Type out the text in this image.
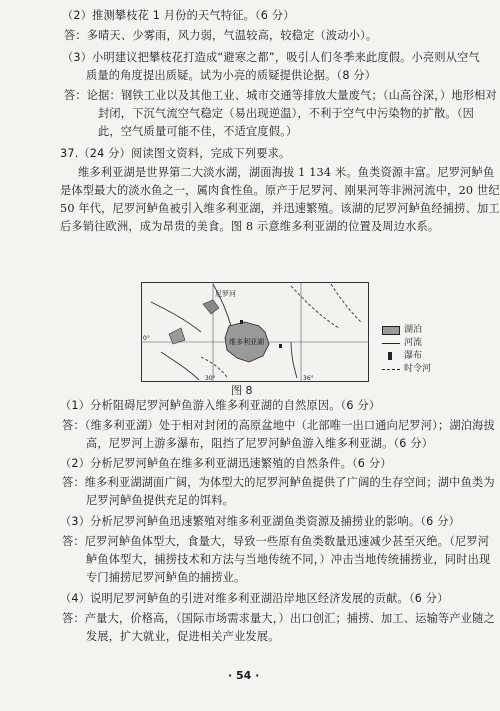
（2）推测攀枝花 1 月份的天气特征。（6 分）
答：多晴天、少雾雨，风力弱，气温较高，较稳定（波动小）。
（3）小明建议把攀枝花打造成“避寒之都”，吸引人们冬季来此度假。小亮则从空气
质量的角度提出质疑。试为小亮的质疑提供论据。（8 分）
答：论据：钢铁工业以及其他工业、城市交通等排放大量废气；（山高谷深，）地形相对
封闭，下沉气流空气稳定（易出现逆温），不利于空气中污染物的扩散。（因
此，空气质量可能不佳，不适宜度假。）
37.（24 分）阅读图文资料，完成下列要求。
维多利亚湖是世界第二大淡水湖，湖面海拔 1 134 米。鱼类资源丰富。尼罗河鲈鱼
是体型最大的淡水鱼之一，属肉食性鱼。原产于尼罗河、刚果河等非洲河流中，20 世纪
50 年代，尼罗河鲈鱼被引入维多利亚湖，并迅速繁殖。该湖的尼罗河鲈鱼经捕捞、加工
后多销往欧洲，成为昂贵的美食。图 8 示意维多利亚湖的位置及周边水系。
尼罗河
维多利亚湖
30°	36°
0°
湖泊
河流
瀑布
时令河
图 8
（1）分析阻碍尼罗河鲈鱼游入维多利亚湖的自然原因。（6 分）
答：（维多利亚湖）处于相对封闭的高原盆地中（北部唯一出口通向尼罗河）；湖泊海拔
高，尼罗河上游多瀑布，阻挡了尼罗河鲈鱼游入维多利亚湖。（6 分）
（2）分析尼罗河鲈鱼在维多利亚湖迅速繁殖的自然条件。（6 分）
答：维多利亚湖湖面广阔，为体型大的尼罗河鲈鱼提供了广阔的生存空间；湖中鱼类为
尼罗河鲈鱼提供充足的饵料。
（3）分析尼罗河鲈鱼迅速繁殖对维多利亚湖鱼类资源及捕捞业的影响。（6 分）
答：尼罗河鲈鱼体型大，食量大，导致一些原有鱼类数量迅速减少甚至灭绝。（尼罗河
鲈鱼体型大，捕捞技术和方法与当地传统不同，）冲击当地传统捕捞业，同时出现
专门捕捞尼罗河鲈鱼的捕捞业。
（4）说明尼罗河鲈鱼的引进对维多利亚湖沿岸地区经济发展的贡献。（6 分）
答：产量大，价格高，（国际市场需求量大，）出口创汇；捕捞、加工、运输等产业随之
发展，扩大就业，促进相关产业发展。
· 54 ·
